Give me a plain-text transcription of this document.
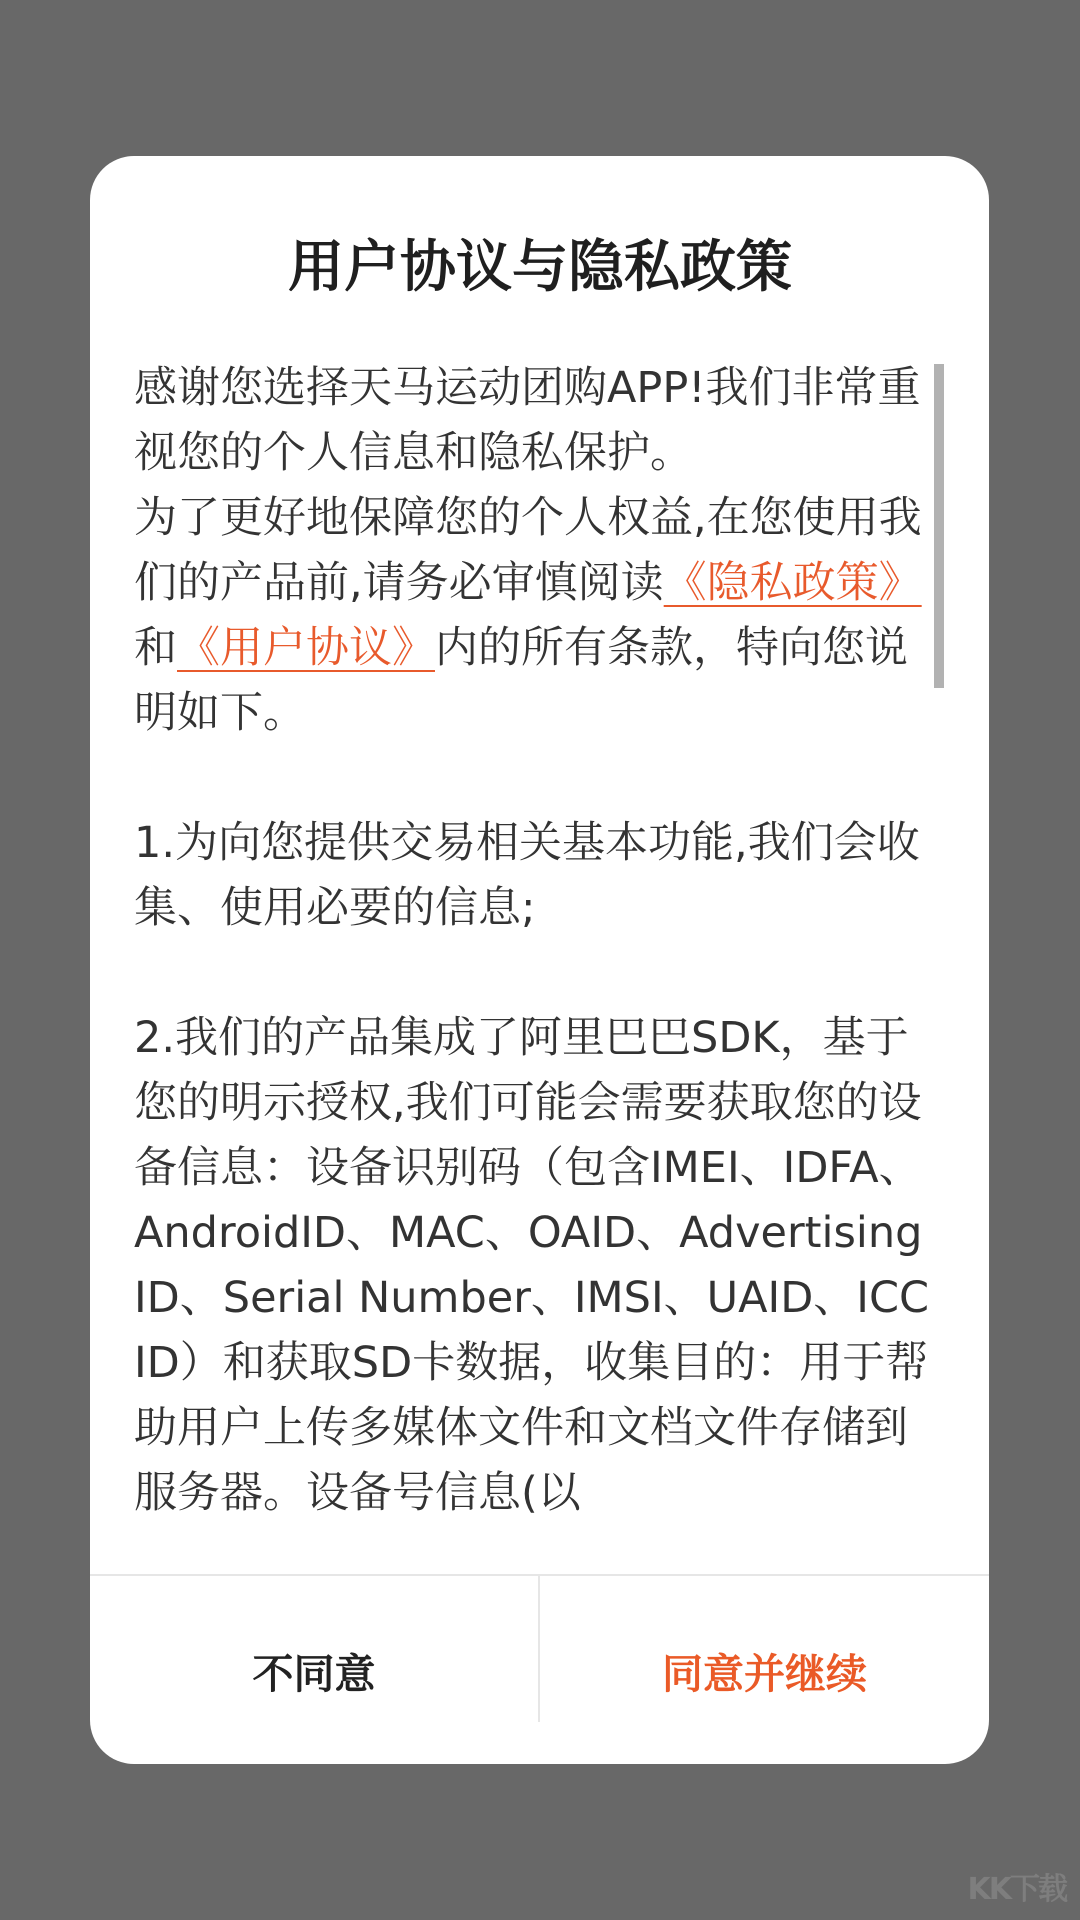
用户协议与隐私政策

感谢您选择天马运动团购APP!我们非常重视您的个人信息和隐私保护。

为了更好地保障您的个人权益,在您使用我们的产品前,请务必审慎阅读《隐私政策》和《用户协议》内的所有条款，特向您说明如下。

1.为向您提供交易相关基本功能,我们会收集、使用必要的信息;

2.我们的产品集成了阿里巴巴SDK，基于您的明示授权,我们可能会需要获取您的设备信息：设备识别码（包含IMEI、IDFA、AndroidID、MAC、OAID、Advertising ID、Serial Number、IMSI、UAID、ICCID）和获取SD卡数据，收集目的：用于帮助用户上传多媒体文件和文档文件存储到服务器。设备号信息(以

不同意	同意并继续
KK下载
